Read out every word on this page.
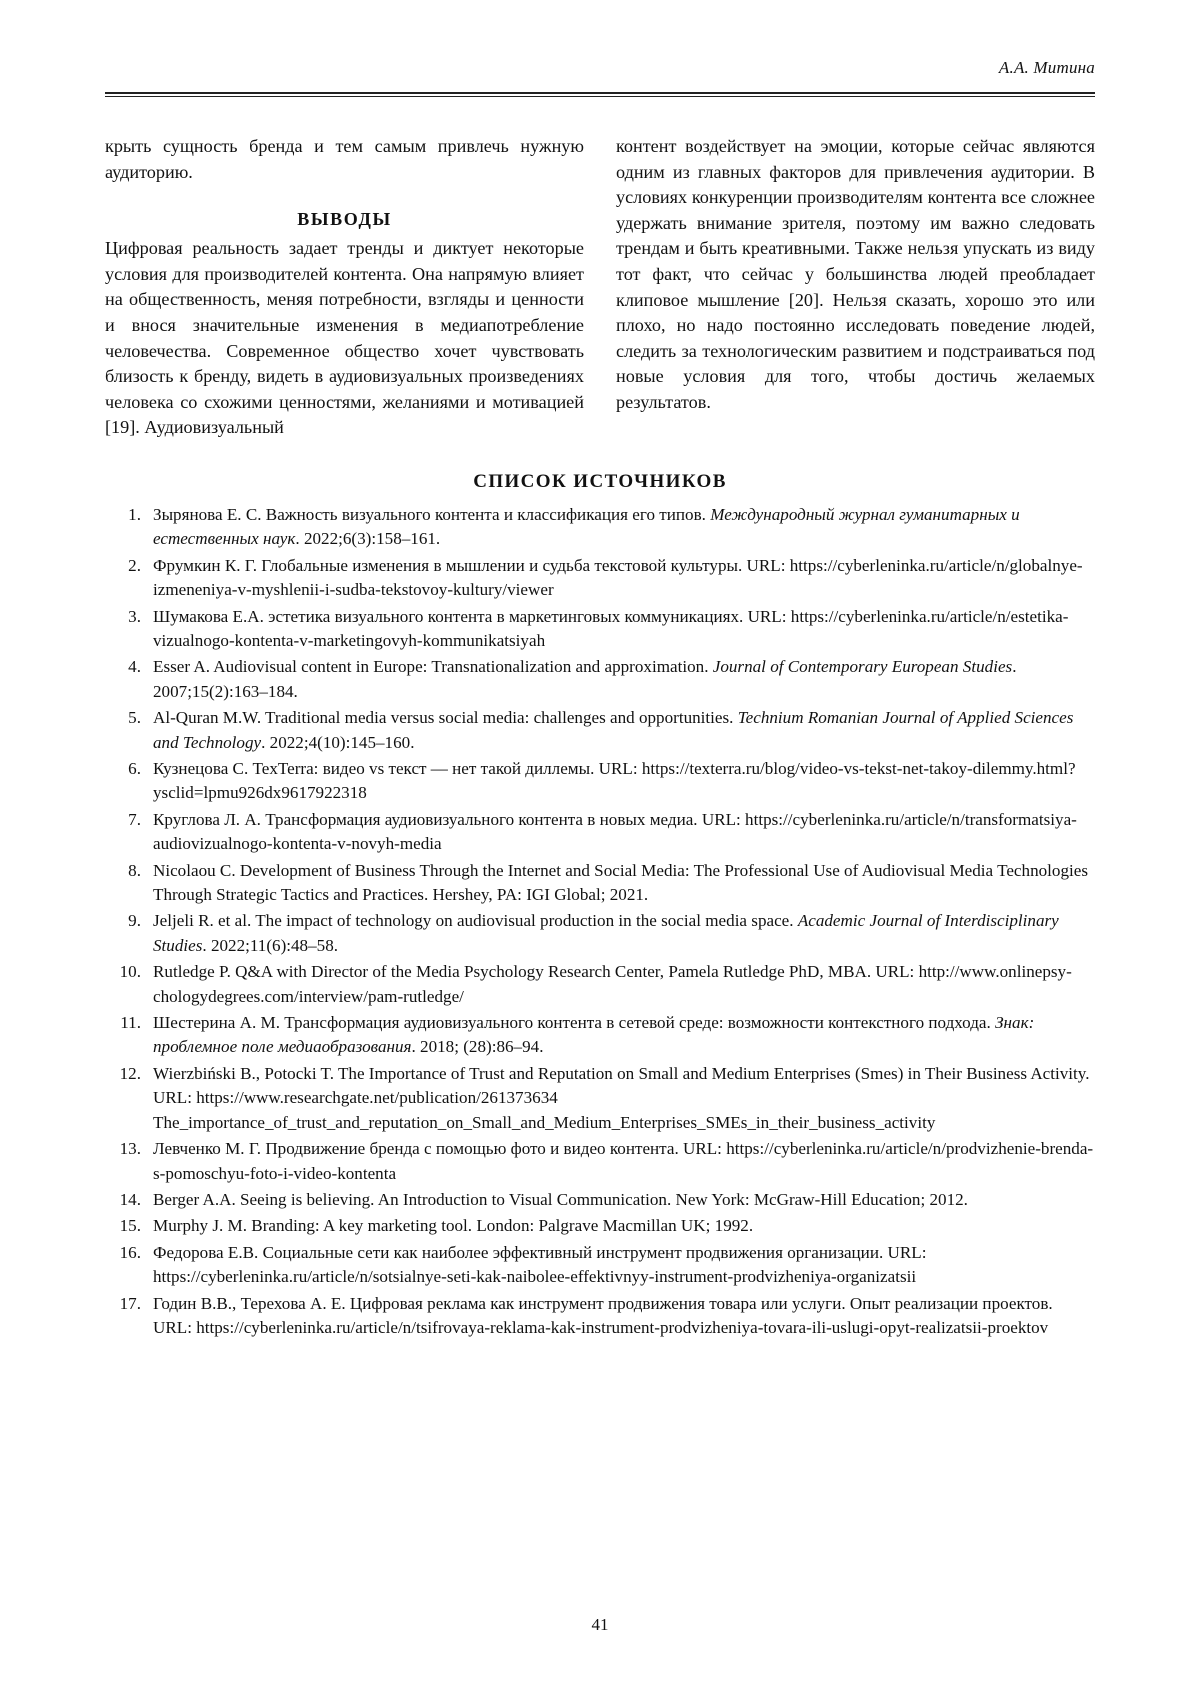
А.А. Митина

крыть сущность бренда и тем самым привлечь нужную аудиторию.

ВЫВОДЫ

Цифровая реальность задает тренды и диктует некоторые условия для производителей контента. Она напрямую влияет на общественность, меняя потребности, взгляды и ценности и внося значительные изменения в медиапотребление человечества. Современное общество хочет чувствовать близость к бренду, видеть в аудиовизуальных произведениях человека со схожими ценностями, желаниями и мотивацией [19]. Аудиовизуальный

контент воздействует на эмоции, которые сейчас являются одним из главных факторов для привлечения аудитории. В условиях конкуренции производителям контента все сложнее удержать внимание зрителя, поэтому им важно следовать трендам и быть креативными. Также нельзя упускать из виду тот факт, что сейчас у большинства людей преобладает клиповое мышление [20]. Нельзя сказать, хорошо это или плохо, но надо постоянно исследовать поведение людей, следить за технологическим развитием и подстраиваться под новые условия для того, чтобы достичь желаемых результатов.

СПИСОК ИСТОЧНИКОВ
1. Зырянова Е. С. Важность визуального контента и классификация его типов. Международный журнал гуманитарных и естественных наук. 2022;6(3):158–161.
2. Фрумкин К. Г. Глобальные изменения в мышлении и судьба текстовой культуры. URL: https://cyberleninka.ru/article/n/globalnye-izmeneniya-v-myshlenii-i-sudba-tekstovoy-kultury/viewer
3. Шумакова Е.А. эстетика визуального контента в маркетинговых коммуникациях. URL: https://cyberleninka.ru/article/n/estetika-vizualnogo-kontenta-v-marketingovyh-kommunikatsiyah
4. Esser A. Audiovisual content in Europe: Transnationalization and approximation. Journal of Contemporary European Studies. 2007;15(2):163–184.
5. Al-Quran M.W. Traditional media versus social media: challenges and opportunities. Technium Romanian Journal of Applied Sciences and Technology. 2022;4(10):145–160.
6. Кузнецова С. TexTerra: видео vs текст — нет такой диллемы. URL: https://texterra.ru/blog/video-vs-tekst-net-takoy-dilemmy.html?ysclid=lpmu926dx9617922318
7. Круглова Л. А. Трансформация аудиовизуального контента в новых медиа. URL: https://cyberleninka.ru/article/n/transformatsiya-audiovizualnogo-kontenta-v-novyh-media
8. Nicolaou C. Development of Business Through the Internet and Social Media: The Professional Use of Audiovisual Media Technologies Through Strategic Tactics and Practices. Hershey, PA: IGI Global; 2021.
9. Jeljeli R. et al. The impact of technology on audiovisual production in the social media space. Academic Journal of Interdisciplinary Studies. 2022;11(6):48–58.
10. Rutledge P. Q&A with Director of the Media Psychology Research Center, Pamela Rutledge PhD, MBA. URL: http://www.onlinepsy- chologydegrees.com/interview/pam-rutledge/
11. Шестерина А. М. Трансформация аудиовизуального контента в сетевой среде: возможности контекстного подхода. Знак: проблемное поле медиаобразования. 2018; (28):86–94.
12. Wierzbiński B., Potocki T. The Importance of Trust and Reputation on Small and Medium Enterprises (Smes) in Their Business Activity. URL: https://www.researchgate.net/publication/261373634 The_importance_of_trust_and_reputation_on_Small_and_Medium_Enterprises_SMEs_in_their_business_activity
13. Левченко М. Г. Продвижение бренда с помощью фото и видео контента. URL: https://cyberleninka.ru/article/n/prodvizhenie-brenda-s-pomoschyu-foto-i-video-kontenta
14. Berger A.A. Seeing is believing. An Introduction to Visual Communication. New York: McGraw-Hill Education; 2012.
15. Murphy J. M. Branding: A key marketing tool. London: Palgrave Macmillan UK; 1992.
16. Федорова Е.В. Социальные сети как наиболее эффективный инструмент продвижения организации. URL: https://cyberleninka.ru/article/n/sotsialnye-seti-kak-naibolee-effektivnyy-instrument-prodvizheniya-organizatsii
17. Годин В.В., Терехова А. Е. Цифровая реклама как инструмент продвижения товара или услуги. Опыт реализации проектов. URL: https://cyberleninka.ru/article/n/tsifrovaya-reklama-kak-instrument-prodvizheniya-tovara-ili-uslugi-opyt-realizatsii-proektov
41
